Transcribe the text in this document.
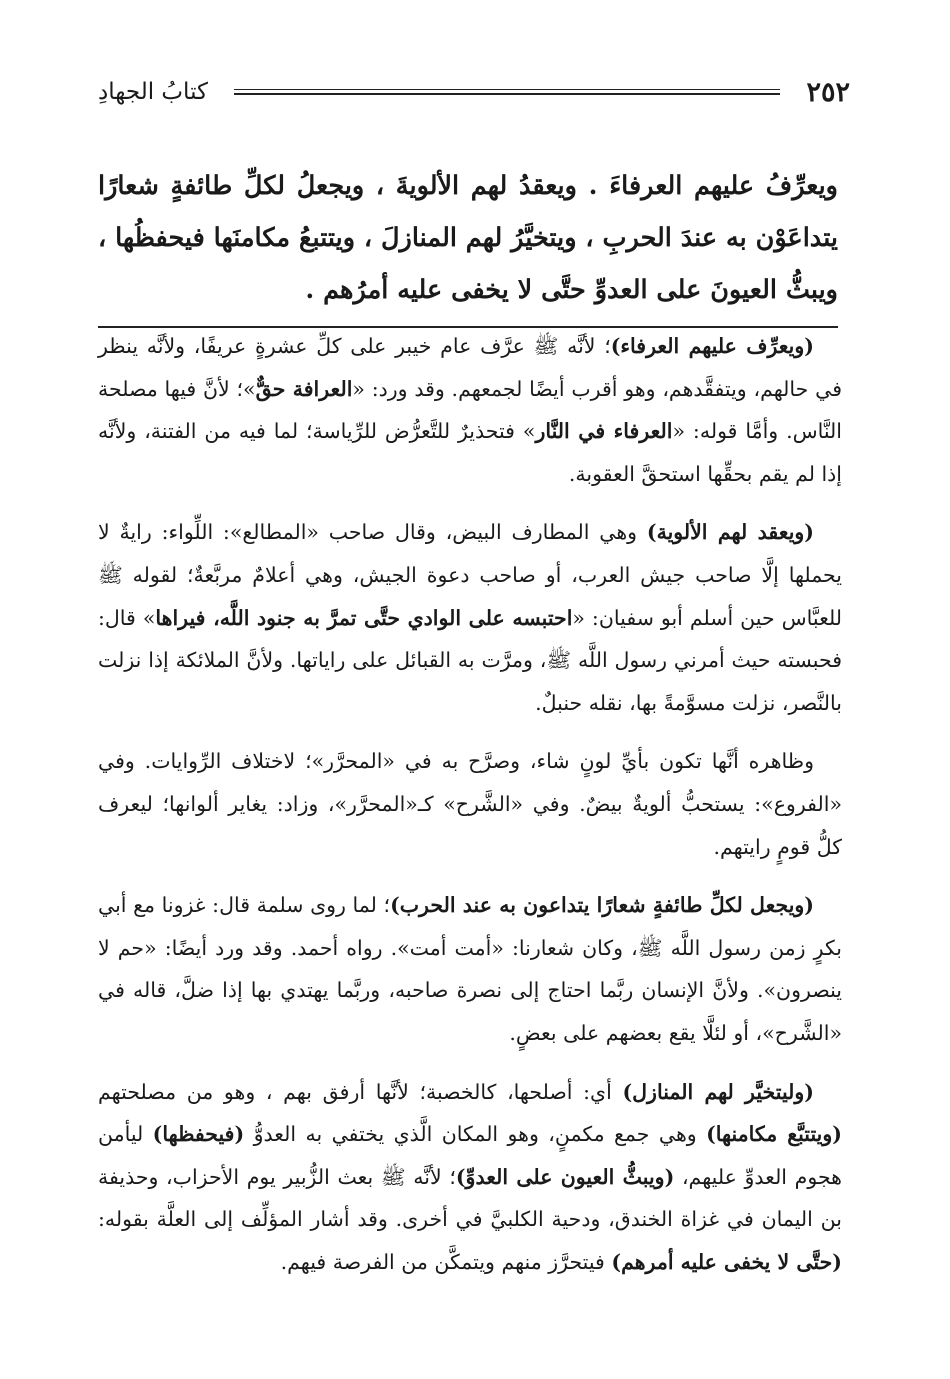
٢٥٢
كتابُ الجهادِ
ويعرِّفُ عليهم العرفاءَ . ويعقدُ لهم الألويةَ ، ويجعلُ لكلِّ طائفةٍ شعارًا يتداعَوْن به عندَ الحربِ ، ويتخيَّرُ لهم المنازلَ ، ويتتبعُ مكامنَها فيحفظُها ، ويبثُّ العيونَ على العدوِّ حتَّى لا يخفى عليه أمرُهم .

(ويعرِّف عليهم العرفاء)؛ لأنَّه ﷺ عرَّف عام خيبر على كلِّ عشرةٍ عريفًا، ولأنَّه ينظر في حالهم، ويتفقَّدهم، وهو أقرب أيضًا لجمعهم. وقد ورد: «العرافة حقٌّ»؛ لأنَّ فيها مصلحة النَّاس. وأمَّا قوله: «العرفاء في النَّار» فتحذيرٌ للتَّعرُّض للرِّياسة؛ لما فيه من الفتنة، ولأنَّه إذا لم يقم بحقِّها استحقَّ العقوبة.

(ويعقد لهم الألوية) وهي المطارف البيض، وقال صاحب «المطالع»: اللِّواء: رايةٌ لا يحملها إلَّا صاحب جيش العرب، أو صاحب دعوة الجيش، وهي أعلامٌ مربَّعةٌ؛ لقوله ﷺ للعبَّاس حين أسلم أبو سفيان: «احتبسه على الوادي حتَّى تمرَّ به جنود اللَّه، فيراها» قال: فحبسته حيث أمرني رسول اللَّه ﷺ، ومرَّت به القبائل على راياتها. ولأنَّ الملائكة إذا نزلت بالنَّصر، نزلت مسوَّمةً بها، نقله حنبلٌ.

وظاهره أنَّها تكون بأيِّ لونٍ شاء، وصرَّح به في «المحرَّر»؛ لاختلاف الرِّوايات. وفي «الفروع»: يستحبُّ ألويةٌ بيضٌ. وفي «الشَّرح» كـ«المحرَّر»، وزاد: يغاير ألوانها؛ ليعرف كلُّ قومٍ رايتهم.

(ويجعل لكلِّ طائفةٍ شعارًا يتداعون به عند الحرب)؛ لما روى سلمة قال: غزونا مع أبي بكرٍ زمن رسول اللَّه ﷺ، وكان شعارنا: «أمت أمت». رواه أحمد. وقد ورد أيضًا: «حم لا ينصرون». ولأنَّ الإنسان ربَّما احتاج إلى نصرة صاحبه، وربَّما يهتدي بها إذا ضلَّ، قاله في «الشَّرح»، أو لئلَّا يقع بعضهم على بعضٍ.

(وليتخيَّر لهم المنازل) أي: أصلحها، كالخصبة؛ لأنَّها أرفق بهم ، وهو من مصلحتهم (ويتتبَّع مكامنها) وهي جمع مكمنٍ، وهو المكان الَّذي يختفي به العدوُّ (فيحفظها) ليأمن هجوم العدوِّ عليهم، (ويبثُّ العيون على العدوِّ)؛ لأنَّه ﷺ بعث الزُّبير يوم الأحزاب، وحذيفة بن اليمان في غزاة الخندق، ودحية الكلبيَّ في أخرى. وقد أشار المؤلِّف إلى العلَّة بقوله: (حتَّى لا يخفى عليه أمرهم) فيتحرَّز منهم ويتمكَّن من الفرصة فيهم.
